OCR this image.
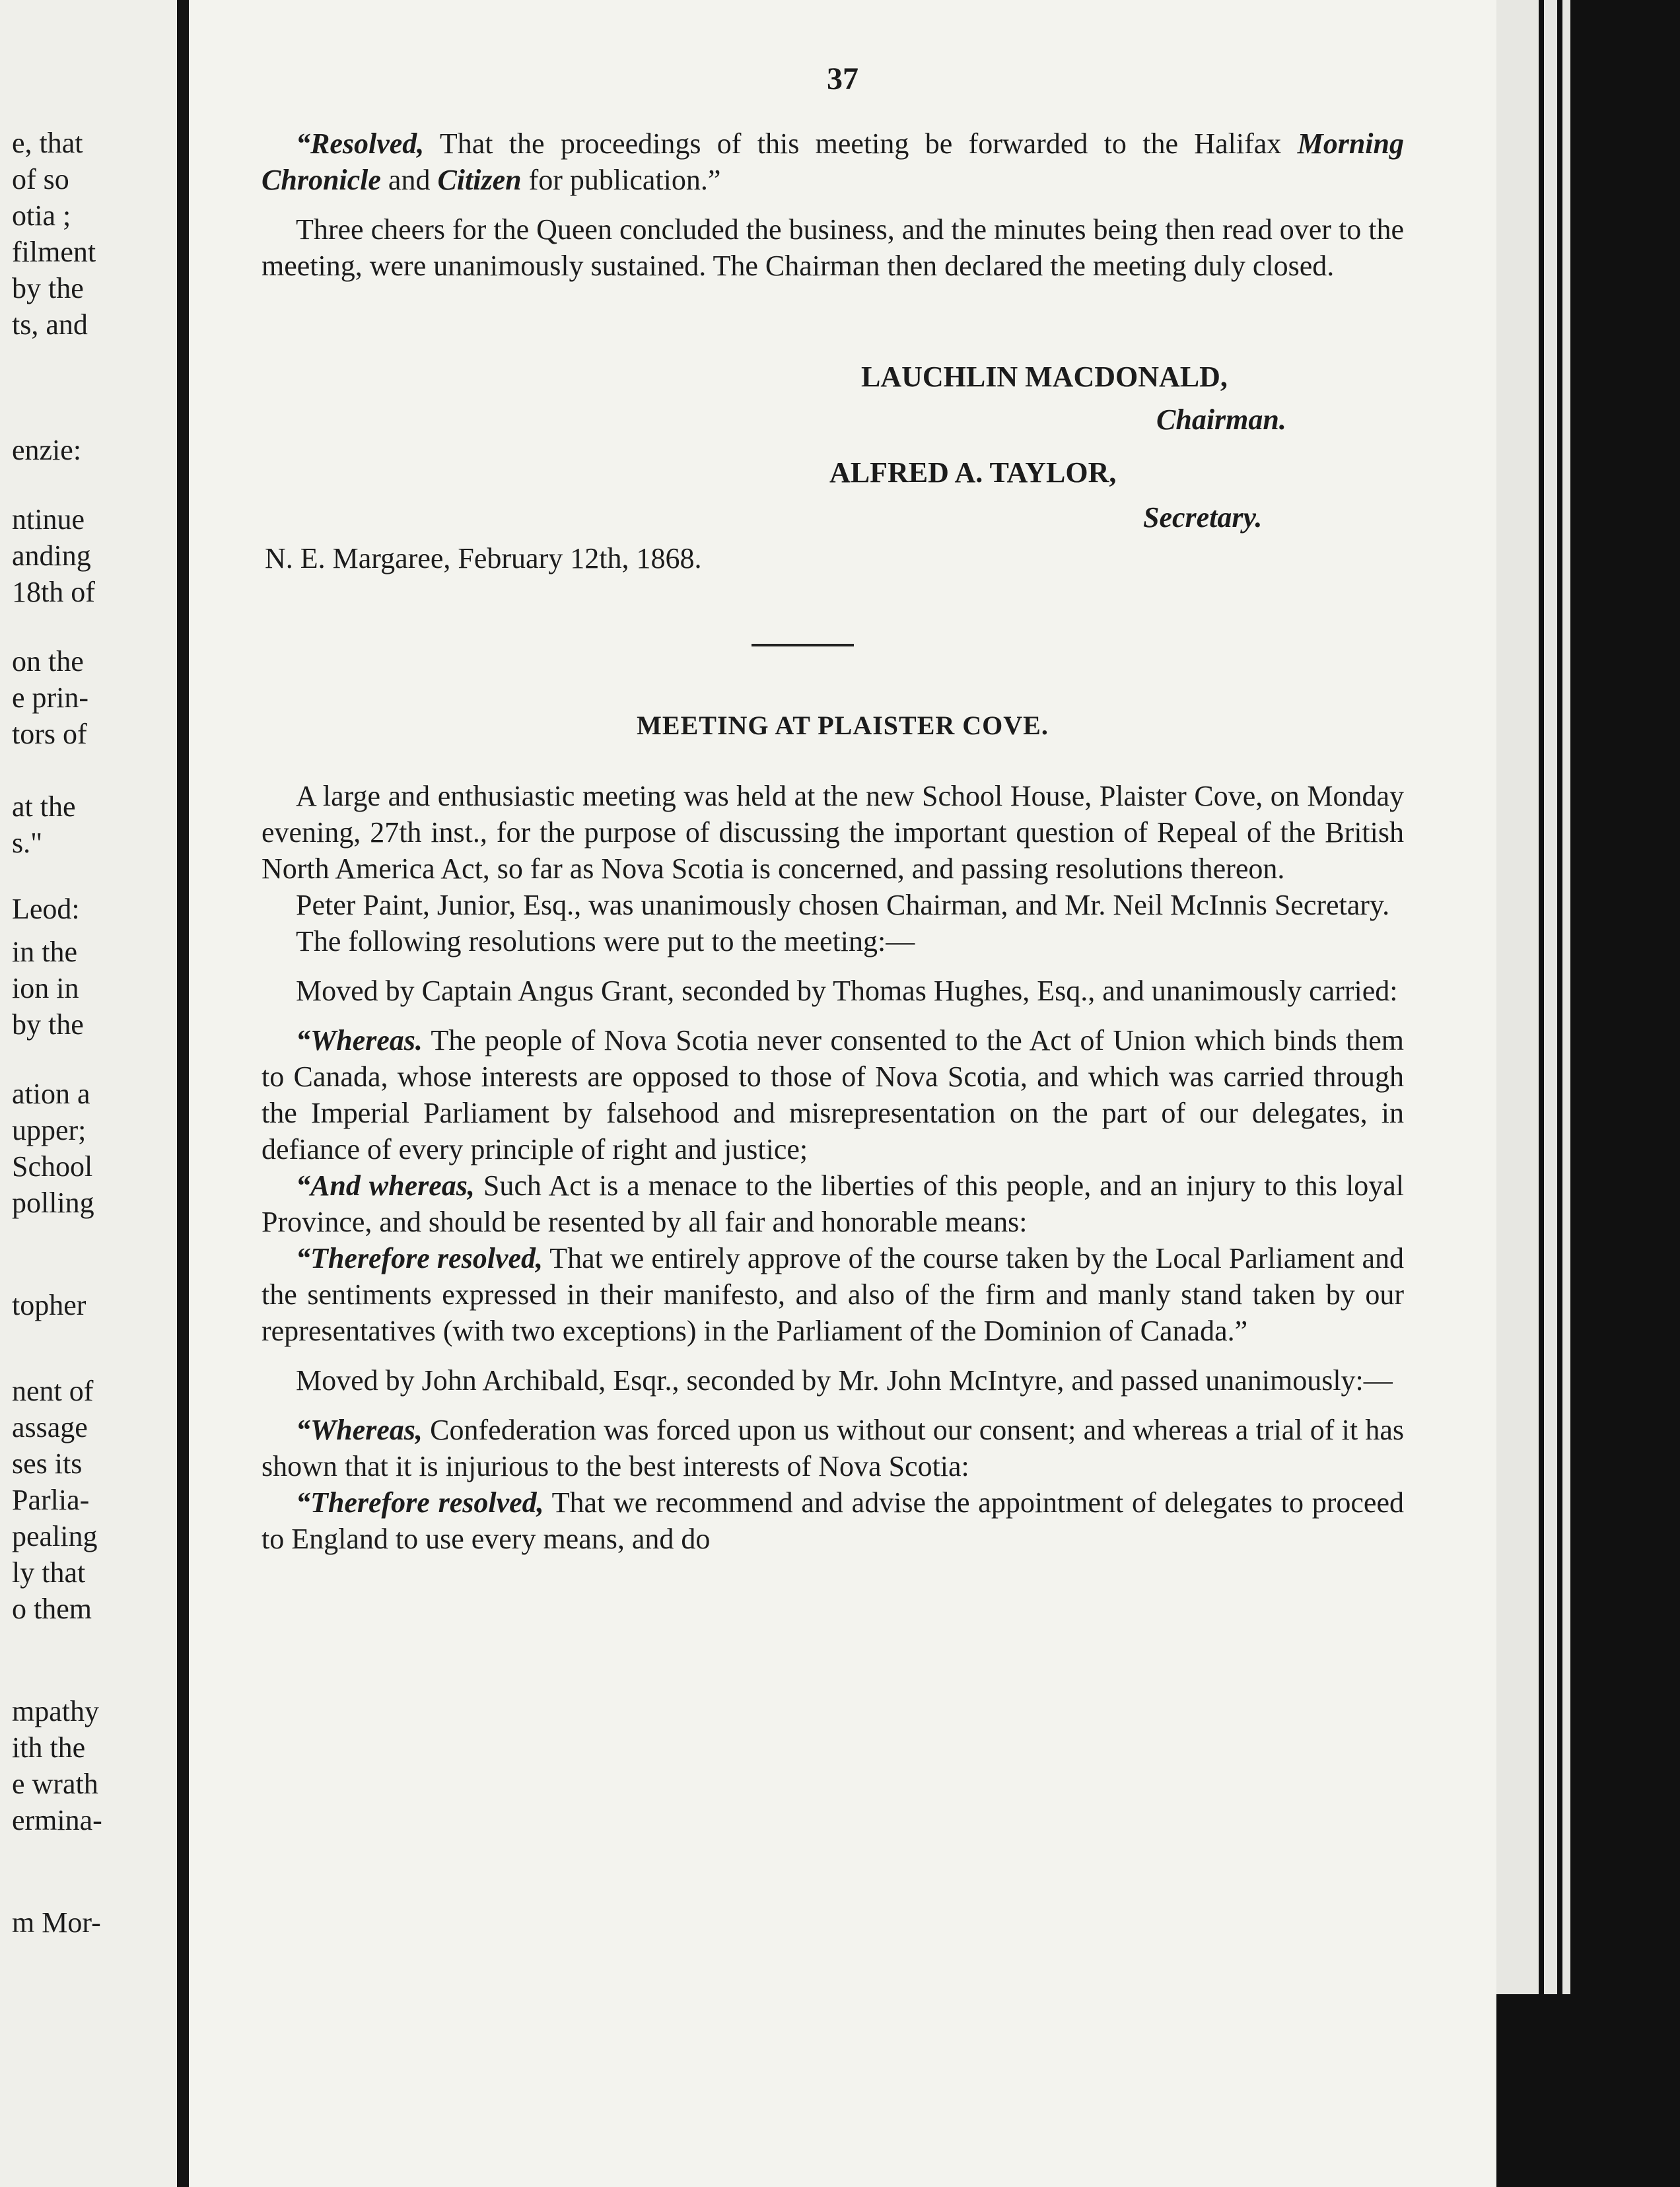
e, that
of so
otia ;
filment
by the
ts, and
enzie:
ntinue
anding
18th of
on the
e prin-
tors of
at the
s."
Leod:
in the
ion in
by the
ation a
upper;
School
polling
topher
nent of
assage
ses its
Parlia-
pealing
ly that
o them
mpathy
ith the
e wrath
ermina-
m Mor-
37

“Resolved, That the proceedings of this meeting be forwarded to the Halifax Morning Chronicle and Citizen for publication.”

Three cheers for the Queen concluded the business, and the minutes being then read over to the meeting, were unanimously sustained. The Chairman then declared the meeting duly closed.

LAUCHLIN MACDONALD,
Chairman.
ALFRED A. TAYLOR,
Secretary.
N. E. Margaree, February 12th, 1868.
MEETING AT PLAISTER COVE.

A large and enthusiastic meeting was held at the new School House, Plaister Cove, on Monday evening, 27th inst., for the purpose of discussing the important question of Repeal of the British North America Act, so far as Nova Scotia is concerned, and passing resolutions thereon.

Peter Paint, Junior, Esq., was unanimously chosen Chairman, and Mr. Neil McInnis Secretary.

The following resolutions were put to the meeting:—

Moved by Captain Angus Grant, seconded by Thomas Hughes, Esq., and unanimously carried:

“Whereas. The people of Nova Scotia never consented to the Act of Union which binds them to Canada, whose interests are opposed to those of Nova Scotia, and which was carried through the Imperial Parliament by falsehood and misrepresentation on the part of our delegates, in defiance of every principle of right and justice;

“And whereas, Such Act is a menace to the liberties of this people, and an injury to this loyal Province, and should be resented by all fair and honorable means:

“Therefore resolved, That we entirely approve of the course taken by the Local Parliament and the sentiments expressed in their manifesto, and also of the firm and manly stand taken by our representatives (with two exceptions) in the Parliament of the Dominion of Canada.”

Moved by John Archibald, Esqr., seconded by Mr. John McIntyre, and passed unanimously:—

“Whereas, Confederation was forced upon us without our consent; and whereas a trial of it has shown that it is injurious to the best interests of Nova Scotia:

“Therefore resolved, That we recommend and advise the appointment of delegates to proceed to England to use every means, and do
